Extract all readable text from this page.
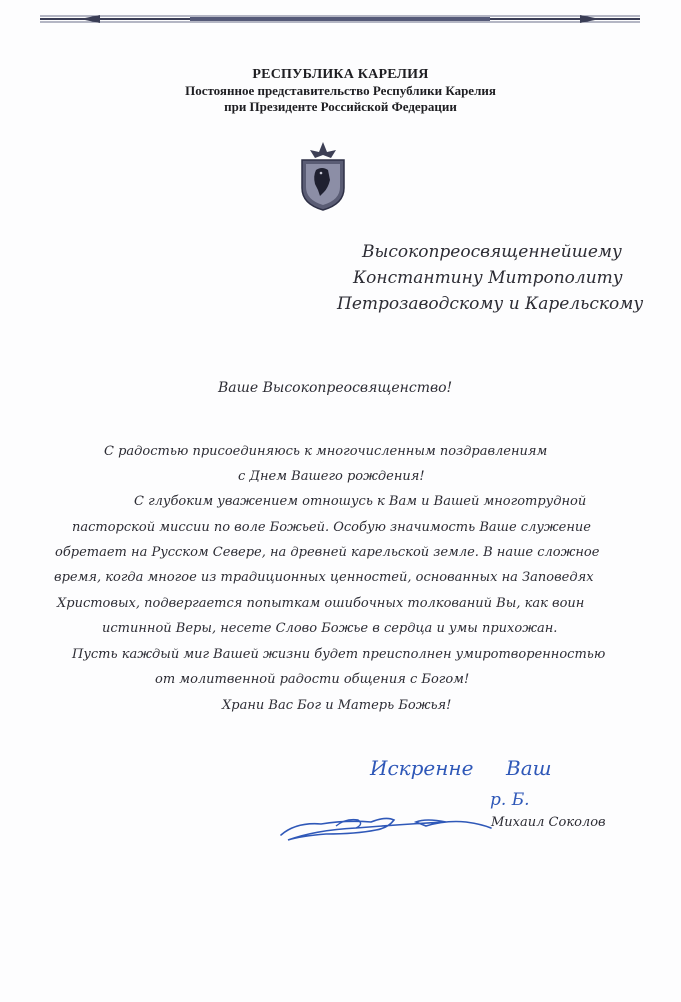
РЕСПУБЛИКА КАРЕЛИЯ
Постоянное представительство Республики Карелия
при Президенте Российской Федерации
Высокопреосвященнейшему
Константину Митрополиту
Петрозаводскому и Карельскому
Ваше Высокопреосвященство!
С радостью присоединяюсь к многочисленным поздравлениям
с Днем Вашего рождения!
С глубоким уважением отношусь к Вам и Вашей многотрудной
пасторской миссии по воле Божьей. Особую значимость Ваше служение
обретает на Русском Севере, на древней карельской земле. В наше сложное
время, когда многое из традиционных ценностей, основанных на Заповедях
Христовых, подвергается попыткам ошибочных толкований Вы, как воин
истинной Веры, несете Слово Божье в сердца и умы прихожан.
Пусть каждый миг Вашей жизни будет преисполнен умиротворенностью
от молитвенной радости общения с Богом!
Храни Вас Бог и Матерь Божья!
Искренне Ваш
р. Б.
Михаил Соколов
